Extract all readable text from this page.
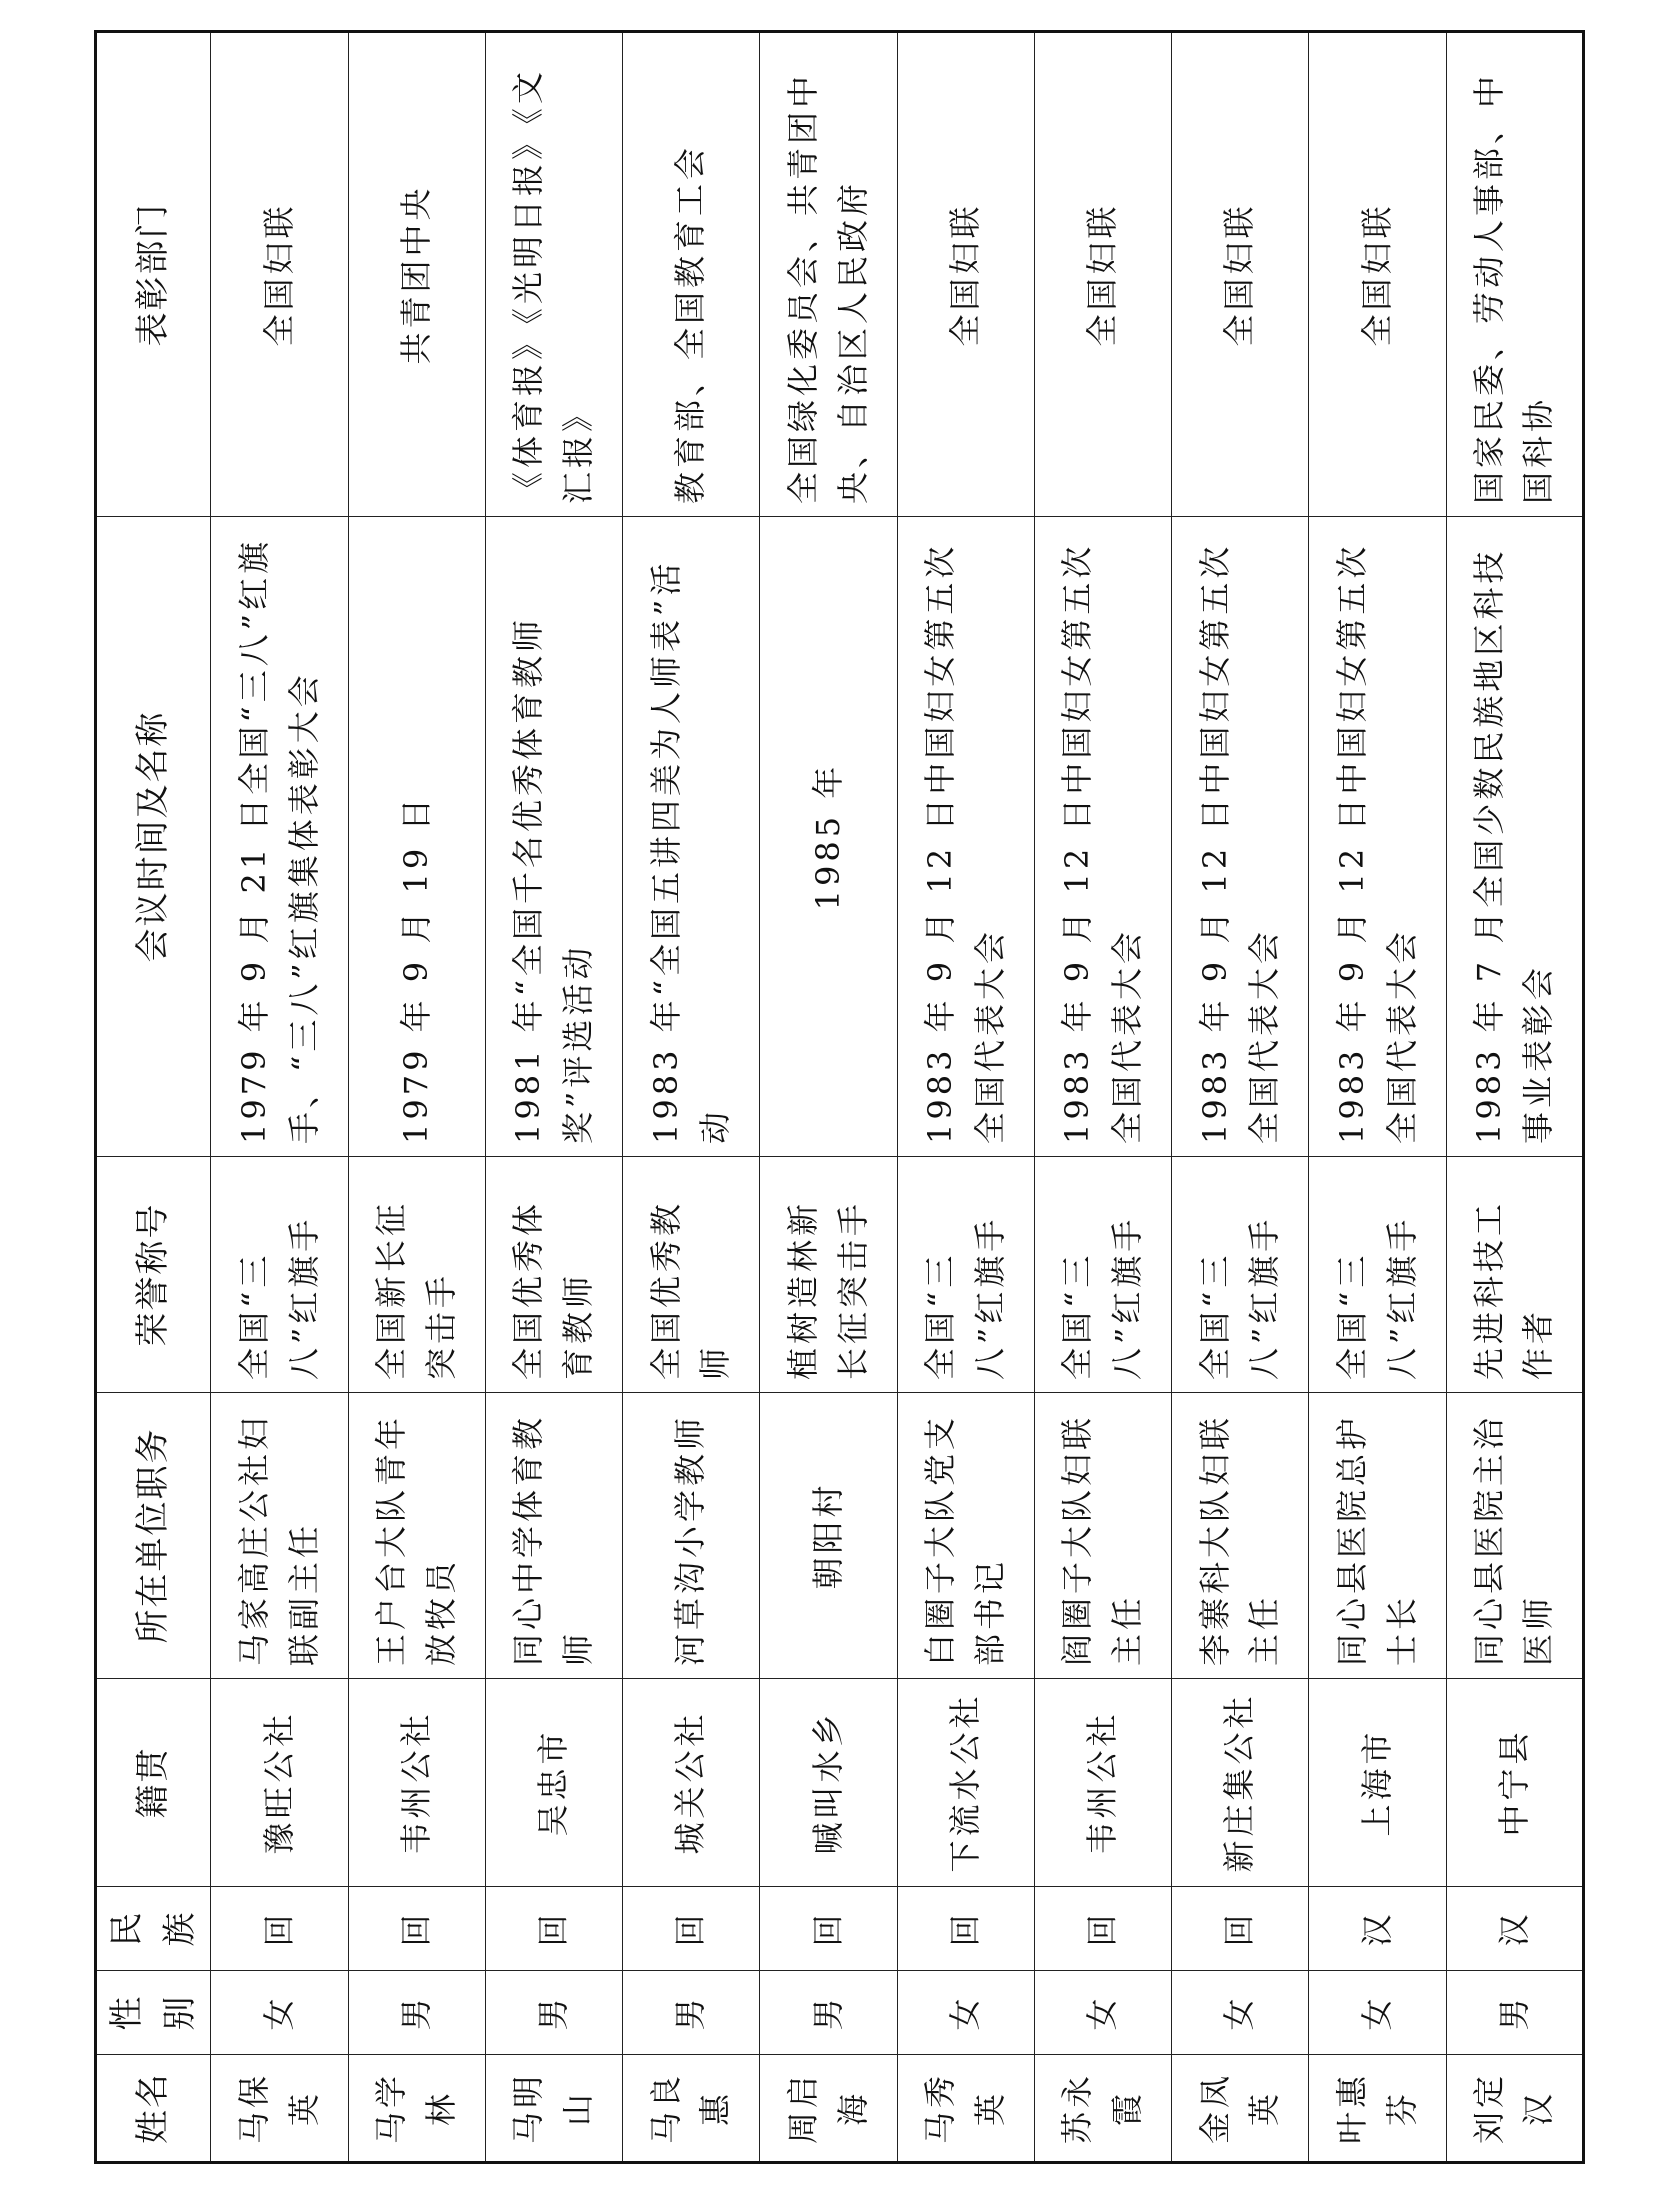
姓名	性别	民族	籍贯	所在单位职务	荣誉称号	会议时间及名称	表彰部门
马保英	女	回	豫旺公社	马家高庄公社妇联副主任	全国“三八”红旗手	1979 年 9 月 21 日全国“三八”红旗手、“三八”红旗集体表彰大会	全国妇联
马学林	男	回	韦州公社	王户台大队青年放牧员	全国新长征突击手	1979 年 9 月 19 日	共青团中央
马明山	男	回	吴忠市	同心中学体育教师	全国优秀体育教师	1981 年“全国千名优秀体育教师奖”评选活动	《体育报》《光明日报》《文汇报》
马良惠	男	回	城关公社	河草沟小学教师	全国优秀教师	1983 年“全国五讲四美为人师表”活动	教育部、全国教育工会
周启海	男	回	喊叫水乡	朝阳村	植树造林新长征突击手	1985 年	全国绿化委员会、共青团中央、自治区人民政府
马秀英	女	回	下流水公社	白圈子大队党支部书记	全国“三八”红旗手	1983 年 9 月 12 日中国妇女第五次全国代表大会	全国妇联
苏永霞	女	回	韦州公社	阎圈子大队妇联主任	全国“三八”红旗手	1983 年 9 月 12 日中国妇女第五次全国代表大会	全国妇联
金凤英	女	回	新庄集公社	李寨科大队妇联主任	全国“三八”红旗手	1983 年 9 月 12 日中国妇女第五次全国代表大会	全国妇联
叶惠芬	女	汉	上海市	同心县医院总护士长	全国“三八”红旗手	1983 年 9 月 12 日中国妇女第五次全国代表大会	全国妇联
刘定汉	男	汉	中宁县	同心县医院主治医师	先进科技工作者	1983 年 7 月全国少数民族地区科技事业表彰会	国家民委、劳动人事部、中国科协
